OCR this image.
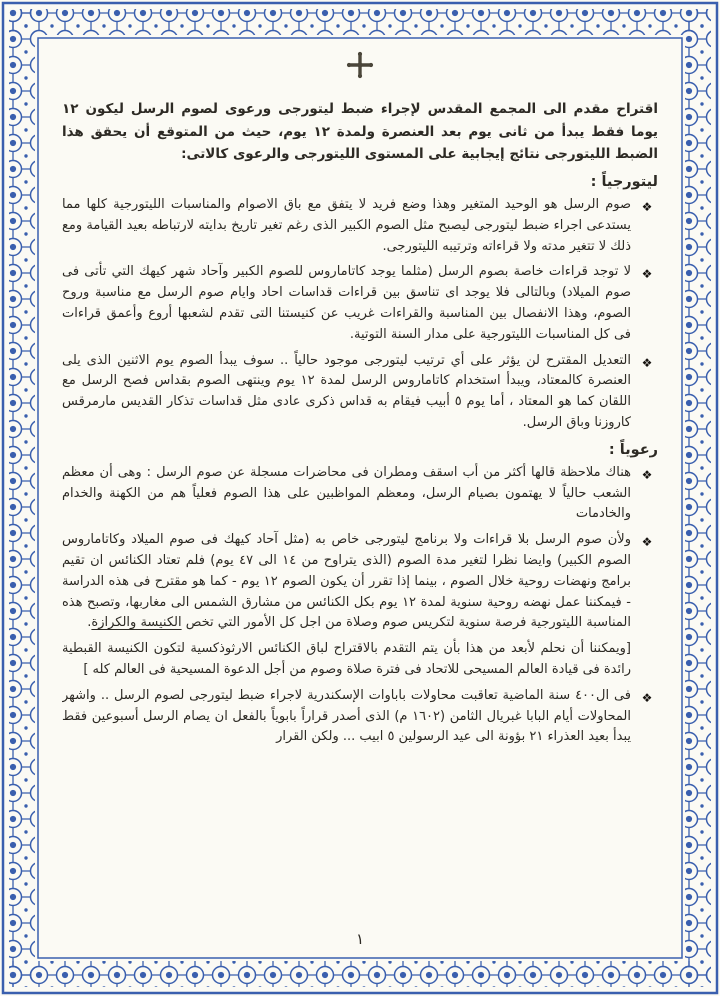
اقتراح مقدم الى المجمع المقدس لإجراء ضبط ليتورجى ورعوى لصوم الرسل ليكون ١٢ يوما فقط يبدأ من ثانى يوم بعد العنصرة ولمدة ١٢ يوم، حيث من المتوقع أن يحقق هذا الضبط الليتورجى نتائج إيجابية على المستوى الليتورجى والرعوى كالاتى:

ليتورجياً :
❖
صوم الرسل هو الوحيد المتغير وهذا وضع فريد لا يتفق مع باق الاصوام والمناسبات الليتورجية كلها مما يستدعى اجراء ضبط ليتورجى ليصبح مثل الصوم الكبير الذى رغم تغير تاريخ بدايته لارتباطه بعيد القيامة ومع ذلك لا تتغير مدته ولا قراءاته وترتيبه الليتورجى.
❖
لا توجد قراءات خاصة بصوم الرسل (مثلما يوجد كاتاماروس للصوم الكبير وآحاد شهر كيهك التي تأتى فى صوم الميلاد) وبالتالى فلا يوجد اى تناسق بين قراءات قداسات احاد وايام صوم الرسل مع مناسبة وروح الصوم، وهذا الانفصال بين المناسبة والقراءات غريب عن كنيستنا التى تقدم لشعبها أروع وأعمق قراءات فى كل المناسبات الليتورجية على مدار السنة التوتية.
❖
التعديل المقترح لن يؤثر على أي ترتيب ليتورجى موجود حالياً .. سوف يبدأ الصوم يوم الاثنين الذى يلى العنصرة كالمعتاد، ويبدأ استخدام كاتاماروس الرسل لمدة ١٢ يوم وينتهى الصوم بقداس فصح الرسل مع اللقان كما هو المعتاد ، أما يوم ٥ أبيب فيقام به قداس ذكرى عادى مثل قداسات تذكار القديس مارمرقس كاروزنا وباق الرسل.
رعوياً :
❖
هناك ملاحظة قالها أكثر من أب اسقف ومطران فى محاضرات مسجلة عن صوم الرسل : وهى أن معظم الشعب حالياً لا يهتمون بصيام الرسل، ومعظم المواظبين على هذا الصوم فعلياً هم من الكهنة والخدام والخادمات
❖
ولأن صوم الرسل بلا قراءات ولا برنامج ليتورجى خاص به (مثل آحاد كيهك فى صوم الميلاد وكاتاماروس الصوم الكبير) وايضا نظرا لتغير مدة الصوم (الذى يتراوح من ١٤ الى ٤٧ يوم) فلم تعتاد الكنائس ان تقيم برامج ونهضات روحية خلال الصوم ، بينما إذا تقرر أن يكون الصوم ١٢ يوم - كما هو مقترح فى هذه الدراسة - فيمكننا عمل نهضه روحية سنوية لمدة ١٢ يوم بكل الكنائس من مشارق الشمس الى مغاربها، وتصبح هذه المناسبة الليتورجية فرصة سنوية لتكريس صوم وصلاة من اجل كل الأمور التي تخص الكنيسة والكرازة.
[ويمكننا أن نحلم لأبعد من هذا بأن يتم التقدم بالاقتراح لباق الكنائس الارثوذكسية لتكون الكنيسة القبطية رائدة فى قيادة العالم المسيحى للاتحاد فى فترة صلاة وصوم من أجل الدعوة المسيحية فى العالم كله ]
❖
فى ال٤٠٠ سنة الماضية تعاقبت محاولات باباوات الإسكندرية لاجراء ضبط ليتورجى لصوم الرسل .. واشهر المحاولات أيام البابا غبريال الثامن (١٦٠٢ م) الذى أصدر قراراً بابوياً بالفعل ان يصام الرسل أسبوعين فقط يبدأ بعيد العذراء ٢١ بؤونة الى عيد الرسولين ٥ ابيب ... ولكن القرار
١
